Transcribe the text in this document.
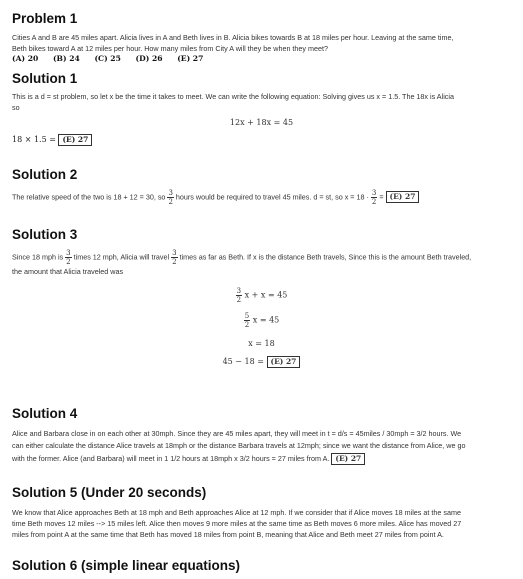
Problem 1

Cities A and B are 45 miles apart. Alicia lives in A and Beth lives in B. Alicia bikes towards B at 18 miles per hour. Leaving at the same time,

Beth bikes toward A at 12 miles per hour. How many miles from City A will they be when they meet?

(A) 20 (B) 24 (C) 25 (D) 26 (E) 27
Solution 1

This is a d = st problem, so let x be the time it takes to meet. We can write the following equation: Solving gives us x = 1.5. The 18x is Alicia

so

12x + 18x = 45
18 × 1.5 = (E) 27
Solution 2
The relative speed of the two is 18 + 12 = 30, so $\frac{3}{2}$ hours would be required to travel 45 miles. d = st, so $x = 18 \cdot \frac{3}{2} = (E)$ 27
Solution 3
Since 18 mph is $\frac{3}{2}$ times 12 mph, Alicia will travel $\frac{3}{2}$ times as far as Beth. If x is the distance Beth travels, Since this is the amount Beth traveled,

the amount that Alicia traveled was

$\frac{3}{2}$ x + x = 45
$\frac{5}{2}$ x = 45
x = 18
45 − 18 = (E) 27
Solution 4

Alice and Barbara close in on each other at 30mph. Since they are 45 miles apart, they will meet in t = d/s = 45miles / 30mph = 3/2 hours. We

can either calculate the distance Alice travels at 18mph or the distance Barbara travels at 12mph; since we want the distance from Alice, we go

with the former. Alice (and Barbara) will meet in 1 1/2 hours at 18mph x 3/2 hours = 27 miles from A. (E) 27
Solution 5 (Under 20 seconds)

We know that Alice approaches Beth at 18 mph and Beth approaches Alice at 12 mph. If we consider that if Alice moves 18 miles at the same

time Beth moves 12 miles --> 15 miles left. Alice then moves 9 more miles at the same time as Beth moves 6 more miles. Alice has moved 27

miles from point A at the same time that Beth has moved 18 miles from point B, meaning that Alice and Beth meet 27 miles from point A.

Solution 6 (simple linear equations)
